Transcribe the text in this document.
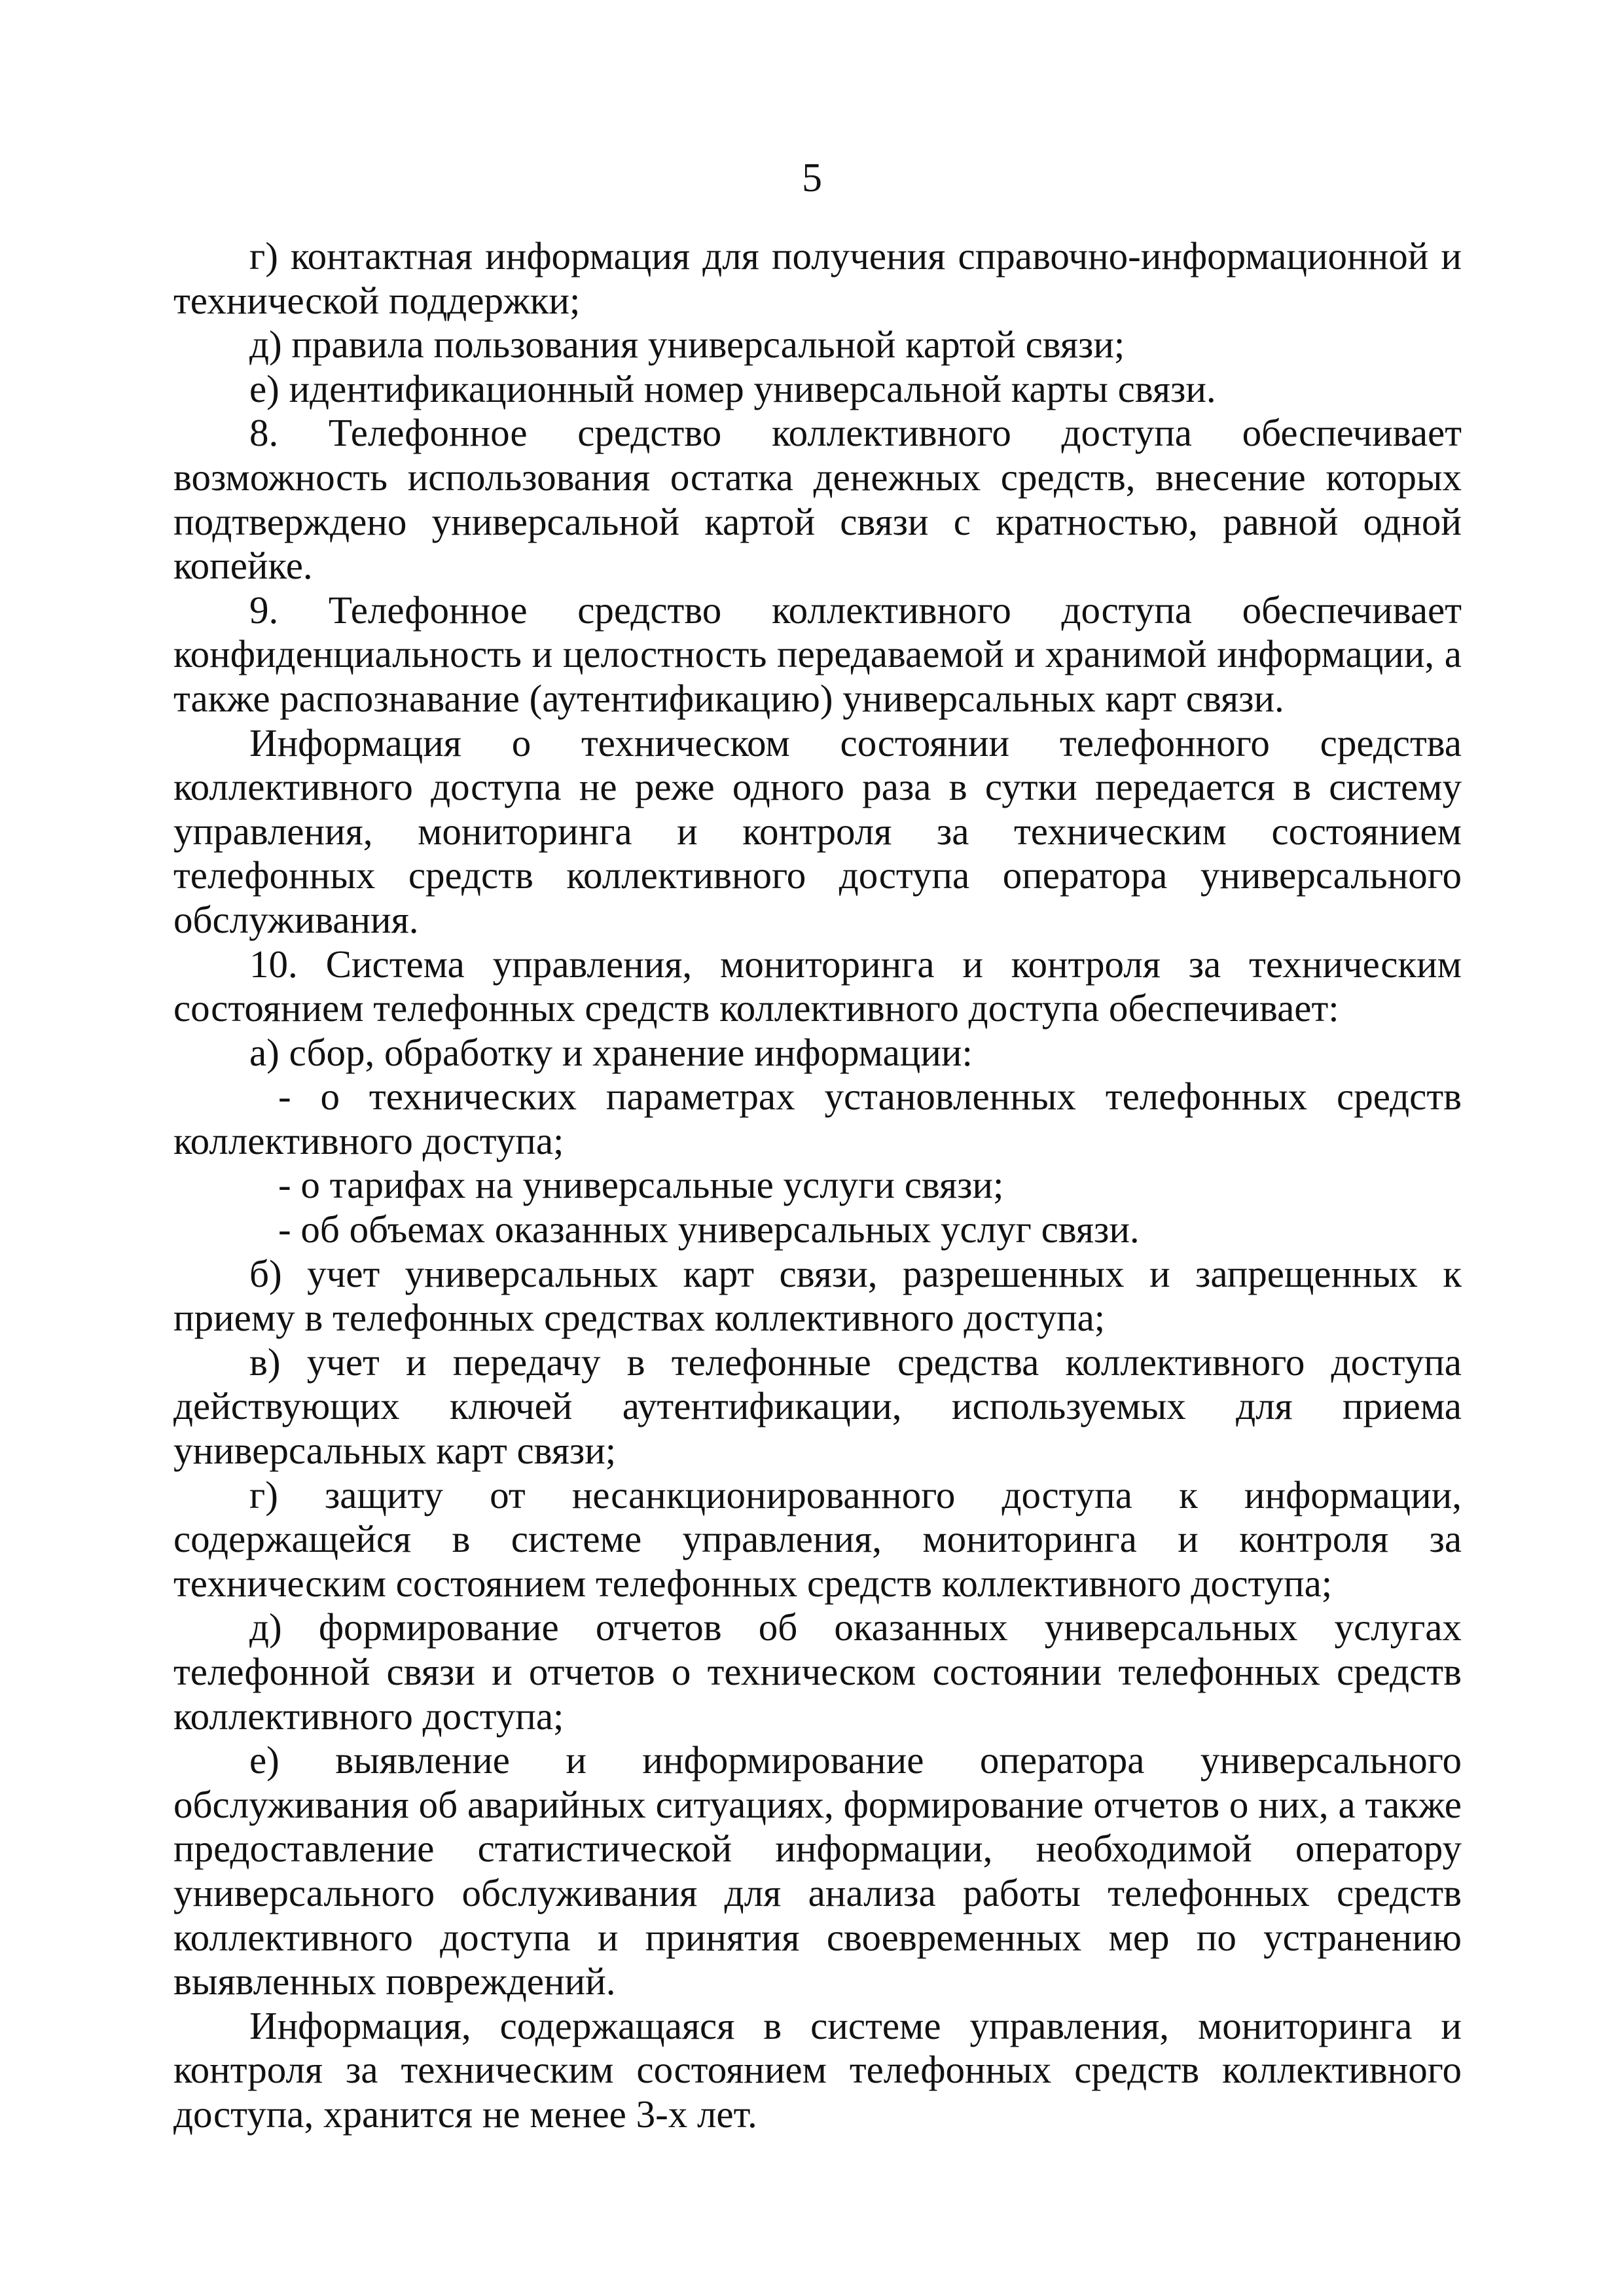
5

г) контактная информация для получения справочно-информационной и технической поддержки;

д) правила пользования универсальной картой связи;

е) идентификационный номер универсальной карты связи.

8. Телефонное средство коллективного доступа обеспечивает возможность использования остатка денежных средств, внесение которых подтверждено универсальной картой связи с кратностью, равной одной копейке.

9. Телефонное средство коллективного доступа обеспечивает конфиденциальность и целостность передаваемой и хранимой информации, а также распознавание (аутентификацию) универсальных карт связи.

Информация о техническом состоянии телефонного средства коллективного доступа не реже одного раза в сутки передается в систему управления, мониторинга и контроля за техническим состоянием телефонных средств коллективного доступа оператора универсального обслуживания.

10. Система управления, мониторинга и контроля за техническим состоянием телефонных средств коллективного доступа обеспечивает:

а) сбор, обработку и хранение информации:

- о технических параметрах установленных телефонных средств коллективного доступа;

- о тарифах на универсальные услуги связи;

- об объемах оказанных универсальных услуг связи.

б) учет универсальных карт связи, разрешенных и запрещенных к приему в телефонных средствах коллективного доступа;

в) учет и передачу в телефонные средства коллективного доступа действующих ключей аутентификации, используемых для приема универсальных карт связи;

г) защиту от несанкционированного доступа к информации, содержащейся в системе управления, мониторинга и контроля за техническим состоянием телефонных средств коллективного доступа;

д) формирование отчетов об оказанных универсальных услугах телефонной связи и отчетов о техническом состоянии телефонных средств коллективного доступа;

е) выявление и информирование оператора универсального обслуживания об аварийных ситуациях, формирование отчетов о них, а также предоставление статистической информации, необходимой оператору универсального обслуживания для анализа работы телефонных средств коллективного доступа и принятия своевременных мер по устранению выявленных повреждений.

Информация, содержащаяся в системе управления, мониторинга и контроля за техническим состоянием телефонных средств коллективного доступа, хранится не менее 3-х лет.
